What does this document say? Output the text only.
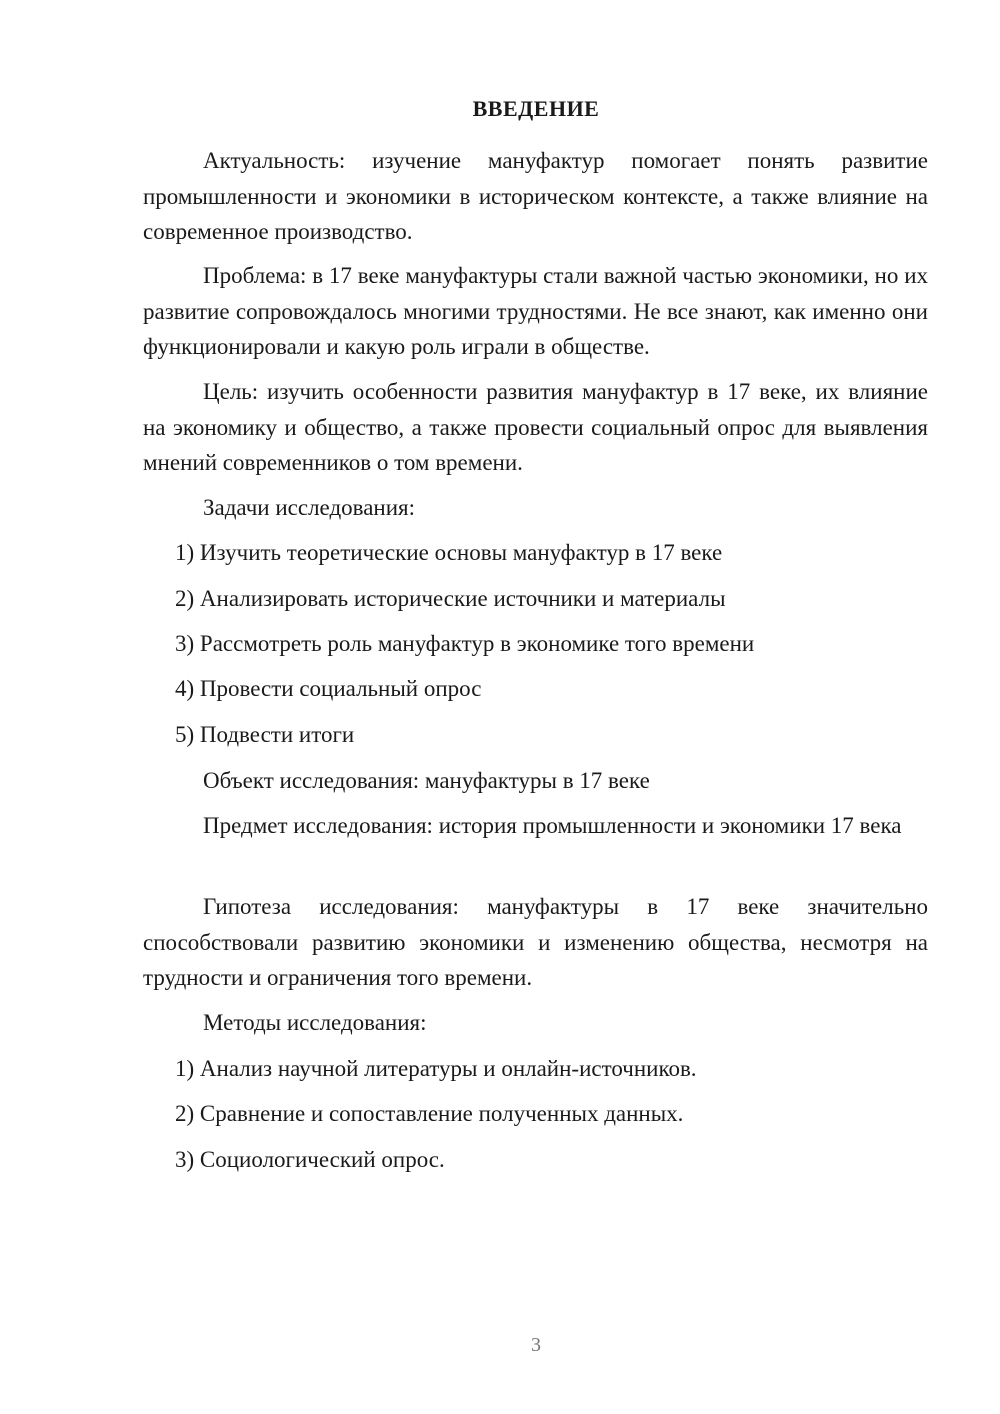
ВВЕДЕНИЕ

Актуальность: изучение мануфактур помогает понять развитие промышленности и экономики в историческом контексте, а также влияние на современное производство.

Проблема: в 17 веке мануфактуры стали важной частью экономики, но их развитие сопровождалось многими трудностями. Не все знают, как именно они функционировали и какую роль играли в обществе.

Цель: изучить особенности развития мануфактур в 17 веке, их влияние на экономику и общество, а также провести социальный опрос для выявления мнений современников о том времени.

Задачи исследования:

1) Изучить теоретические основы мануфактур в 17 веке

2) Анализировать исторические источники и материалы

3) Рассмотреть роль мануфактур в экономике того времени

4) Провести социальный опрос

5) Подвести итоги

Объект исследования: мануфактуры в 17 веке

Предмет исследования: история промышленности и экономики 17 века

Гипотеза исследования: мануфактуры в 17 веке значительно способствовали развитию экономики и изменению общества, несмотря на трудности и ограничения того времени.

Методы исследования:

1) Анализ научной литературы и онлайн-источников.

2) Сравнение и сопоставление полученных данных.

3) Социологический опрос.

3
